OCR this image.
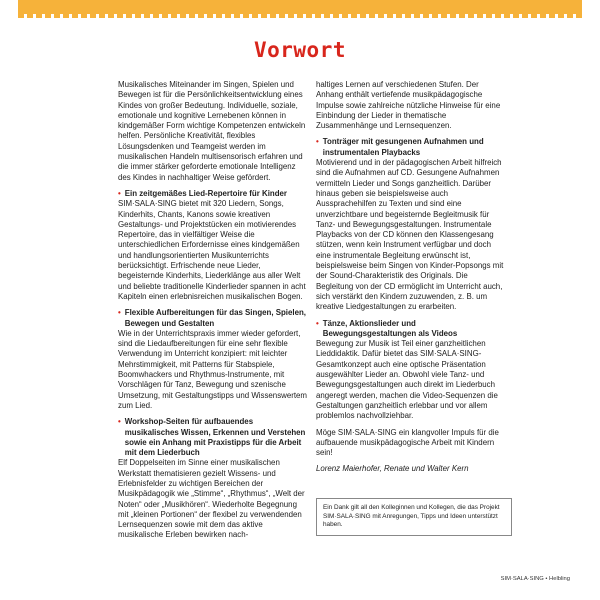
Vorwort

Musikalisches Miteinander im Singen, Spielen und Bewegen ist für die Persönlichkeitsentwicklung eines Kindes von großer Bedeutung. Individuelle, soziale, emotionale und kognitive Lernebenen können in kindgemäßer Form wichtige Kompetenzen entwickeln helfen. Persönliche Kreativität, flexibles Lösungsdenken und Teamgeist werden im musikalischen Handeln multisensorisch erfahren und die immer stärker geforderte emotionale Intelligenz des Kindes in nachhaltiger Weise gefördert.

• Ein zeitgemäßes Lied-Repertoire für Kinder
SIM·SALA·SING bietet mit 320 Liedern, Songs, Kinderhits, Chants, Kanons sowie kreativen Gestaltungs- und Projektstücken ein motivierendes Repertoire, das in vielfältiger Weise die unterschiedlichen Erfordernisse eines kindgemäßen und handlungsorientierten Musikunterrichts berücksichtigt. Erfrischende neue Lieder, begeisternde Kinderhits, Liederklänge aus aller Welt und beliebte traditionelle Kinderlieder spannen in acht Kapiteln einen erlebnisreichen musikalischen Bogen.
• Flexible Aufbereitungen für das Singen, Spielen, Bewegen und Gestalten
Wie in der Unterrichtspraxis immer wieder gefordert, sind die Liedaufbereitungen für eine sehr flexible Verwendung im Unterricht konzipiert: mit leichter Mehrstimmigkeit, mit Patterns für Stabspiele, Boomwhackers und Rhythmus-Instrumente, mit Vorschlägen für Tanz, Bewegung und szenische Umsetzung, mit Gestaltungstipps und Wissenswertem zum Lied.
• Workshop-Seiten für aufbauendes musikalisches Wissen, Erkennen und Verstehen sowie ein Anhang mit Praxistipps für die Arbeit mit dem Liederbuch
Elf Doppelseiten im Sinne einer musikalischen Werkstatt thematisieren gezielt Wissens- und Erlebnisfelder zu wichtigen Bereichen der Musikpädagogik wie „Stimme“, „Rhythmus“, „Welt der Noten“ oder „Musikhören“. Wiederholte Begegnung mit „kleinen Portionen“ der flexibel zu verwendenden Lernsequenzen sowie mit dem das aktive musikalische Erleben bewirken nach-

haltiges Lernen auf verschiedenen Stufen. Der Anhang enthält vertiefende musikpädagogische Impulse sowie zahlreiche nützliche Hinweise für eine Einbindung der Lieder in thematische Zusammenhänge und Lernsequenzen.

• Tonträger mit gesungenen Aufnahmen und instrumentalen Playbacks
Motivierend und in der pädagogischen Arbeit hilfreich sind die Aufnahmen auf CD. Gesungene Aufnahmen vermitteln Lieder und Songs ganzheitlich. Darüber hinaus geben sie beispielsweise auch Aussprachehilfen zu Texten und sind eine unverzichtbare und begeisternde Begleitmusik für Tanz- und Bewegungsgestaltungen. Instrumentale Playbacks von der CD können den Klassengesang stützen, wenn kein Instrument verfügbar und doch eine instrumentale Begleitung erwünscht ist, beispielsweise beim Singen von Kinder-Popsongs mit der Sound-Charakteristik des Originals. Die Begleitung von der CD ermöglicht im Unterricht auch, sich verstärkt den Kindern zuzuwenden, z. B. um kreative Liedgestaltungen zu erarbeiten.
• Tänze, Aktionslieder und Bewegungsgestaltungen als Videos
Bewegung zur Musik ist Teil einer ganzheitlichen Lieddidaktik. Dafür bietet das SIM·SALA·SING-Gesamtkonzept auch eine optische Präsentation ausgewählter Lieder an. Obwohl viele Tanz- und Bewegungsgestaltungen auch direkt im Liederbuch angeregt werden, machen die Video-Sequenzen die Gestaltungen ganzheitlich erlebbar und vor allem problemlos nachvollziehbar.

Möge SIM·SALA·SING ein klangvoller Impuls für die aufbauende musikpädagogische Arbeit mit Kindern sein!

Lorenz Maierhofer, Renate und Walter Kern
Ein Dank gilt all den Kolleginnen und Kollegen, die das Projekt SIM·SALA·SING mit Anregungen, Tipps und Ideen unterstützt haben.
SIM·SALA·SING • Helbling
